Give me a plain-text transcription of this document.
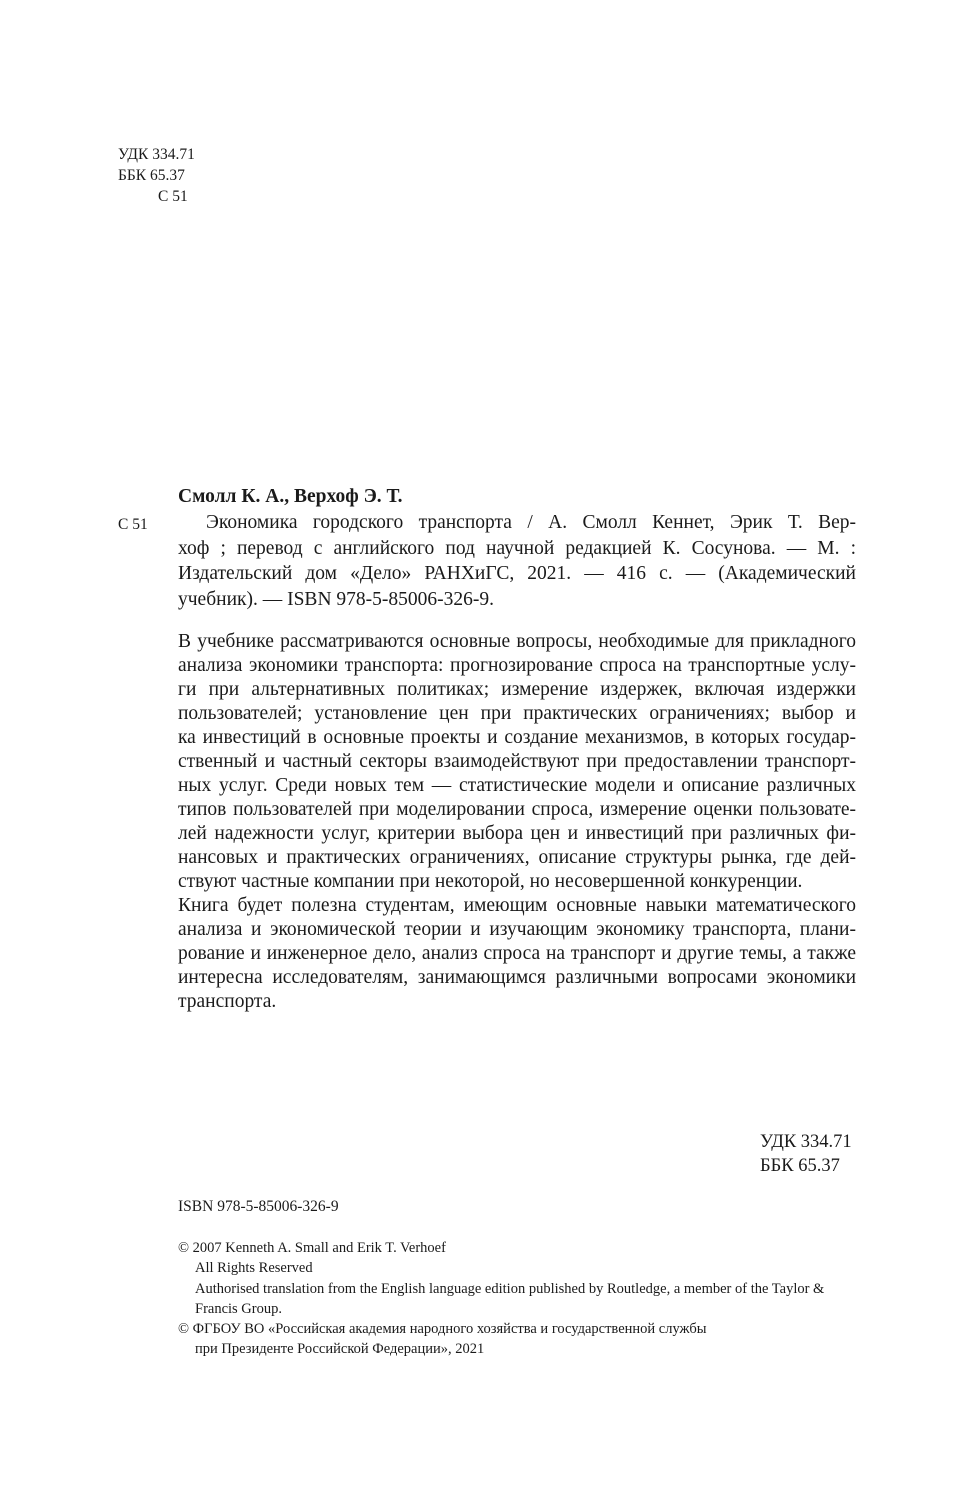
УДК 334.71
ББК 65.37
С 51
Смолл К. А., Верхоф Э. Т.
С 51	Экономика городского транспорта / А. Смолл Кеннет, Эрик Т. Вер-
хоф ; перевод с английского под научной редакцией К. Сосунова. — М. :
Издательский дом «Дело» РАНХиГС, 2021. — 416 с. — (Академический
учебник). — ISBN 978-5-85006-326-9.
В учебнике рассматриваются основные вопросы, необходимые для прикладного
анализа экономики транспорта: прогнозирование спроса на транспортные услу-
ги при альтернативных политиках; измерение издержек, включая издержки
пользователей; установление цен при практических ограничениях; выбор и
ка инвестиций в основные проекты и создание механизмов, в которых государ-
ственный и частный секторы взаимодействуют при предоставлении транспорт-
ных услуг. Среди новых тем — статистические модели и описание различных
типов пользователей при моделировании спроса, измерение оценки пользовате-
лей надежности услуг, критерии выбора цен и инвестиций при различных фи-
нансовых и практических ограничениях, описание структуры рынка, где дей-
ствуют частные компании при некоторой, но несовершенной конкуренции.
Книга будет полезна студентам, имеющим основные навыки математического
анализа и экономической теории и изучающим экономику транспорта, плани-
рование и инженерное дело, анализ спроса на транспорт и другие темы, а также
интересна исследователям, занимающимся различными вопросами экономики
транспорта.
УДК 334.71
ББК 65.37
ISBN 978-5-85006-326-9
© 2007 Kenneth A. Small and Erik T. Verhoef
All Rights Reserved
Authorised translation from the English language edition published by Routledge, a member of the Taylor &
Francis Group.
© ФГБОУ ВО «Российская академия народного хозяйства и государственной службы
при Президенте Российской Федерации», 2021
